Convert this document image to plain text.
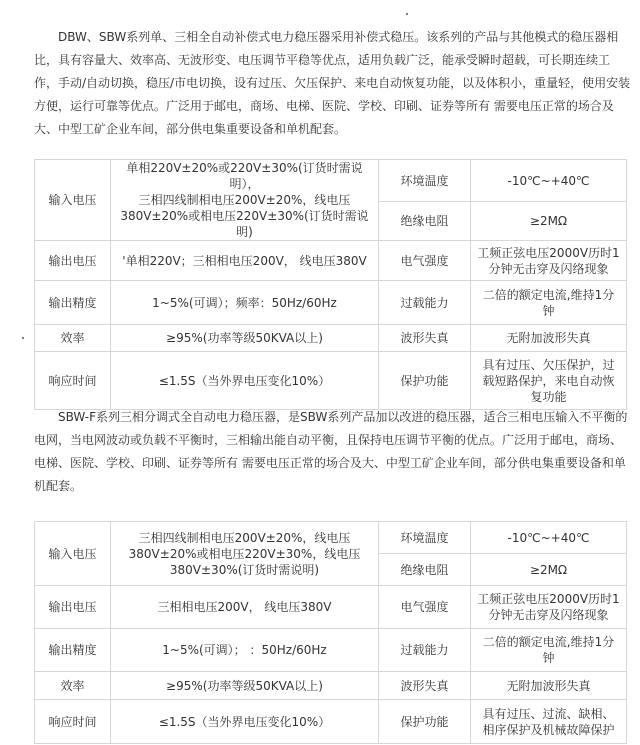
DBW、SBW系列单、三相全自动补偿式电力稳压器采用补偿式稳压。该系列的产品与其他模式的稳压器相比，具有容量大、效率高、无波形变、电压调节平稳等优点，适用负载广泛，能承受瞬时超载，可长期连续工作，手动/自动切换，稳压/市电切换，设有过压、欠压保护、来电自动恢复功能，以及体积小，重量轻，使用安装方便，运行可靠等优点。广泛用于邮电，商场、电梯、医院、学校、印刷、证券等所有 需要电压正常的场合及大、中型工矿企业车间，部分供电集重要设备和单机配套。

输入电压	单相220V±20%或220V±30%(订货时需说明），
三相四线制相电压200V±20%，线电压
380V±20%或相电压220V±30%(订货时需说明)	环境温度	-10℃~+40℃
		绝缘电阻	≥2MΩ
输出电压	'单相220V；三相相电压200V， 线电压380V	电气强度	工频正弦电压2000V历时1
分钟无击穿及闪络现象

输出精度	1~5%(可调）；频率：50Hz/60Hz	过载能力	二倍的额定电流,维持1分
钟

效率	≥95%(功率等级50KVA以上)	波形失真	无附加波形失真
响应时间	≤1.5S（当外界电压变化10%）	保护功能	具有过压、欠压保护，过
载短路保护，来电自动恢
复功能

SBW-F系列三相分调式全自动电力稳压器，是SBW系列产品加以改进的稳压器，适合三相电压输入不平衡的电网，当电网波动或负载不平衡时，三相输出能自动平衡，且保持电压调节平衡的优点。广泛用于邮电，商场、电梯、医院、学校、印刷、证券等所有 需要电压正常的场合及大、中型工矿企业车间，部分供电集重要设备和单机配套。

输入电压	三相四线制相电压200V±20%，线电压
380V±20%或相电压220V±30%，线电压
380V±30%(订货时需说明)	环境温度	-10℃~+40℃
		绝缘电阻	≥2MΩ
输出电压	三相相电压200V， 线电压380V	电气强度	工频正弦电压2000V历时1
分钟无击穿及闪络现象

输出精度	1~5%(可调）； ：50Hz/60Hz	过载能力	二倍的额定电流,维持1分
钟

效率	≥95%(功率等级50KVA以上)	波形失真	无附加波形失真
响应时间	≤1.5S（当外界电压变化10%）	保护功能	具有过压、过流、缺相、
相序保护及机械故障保护
